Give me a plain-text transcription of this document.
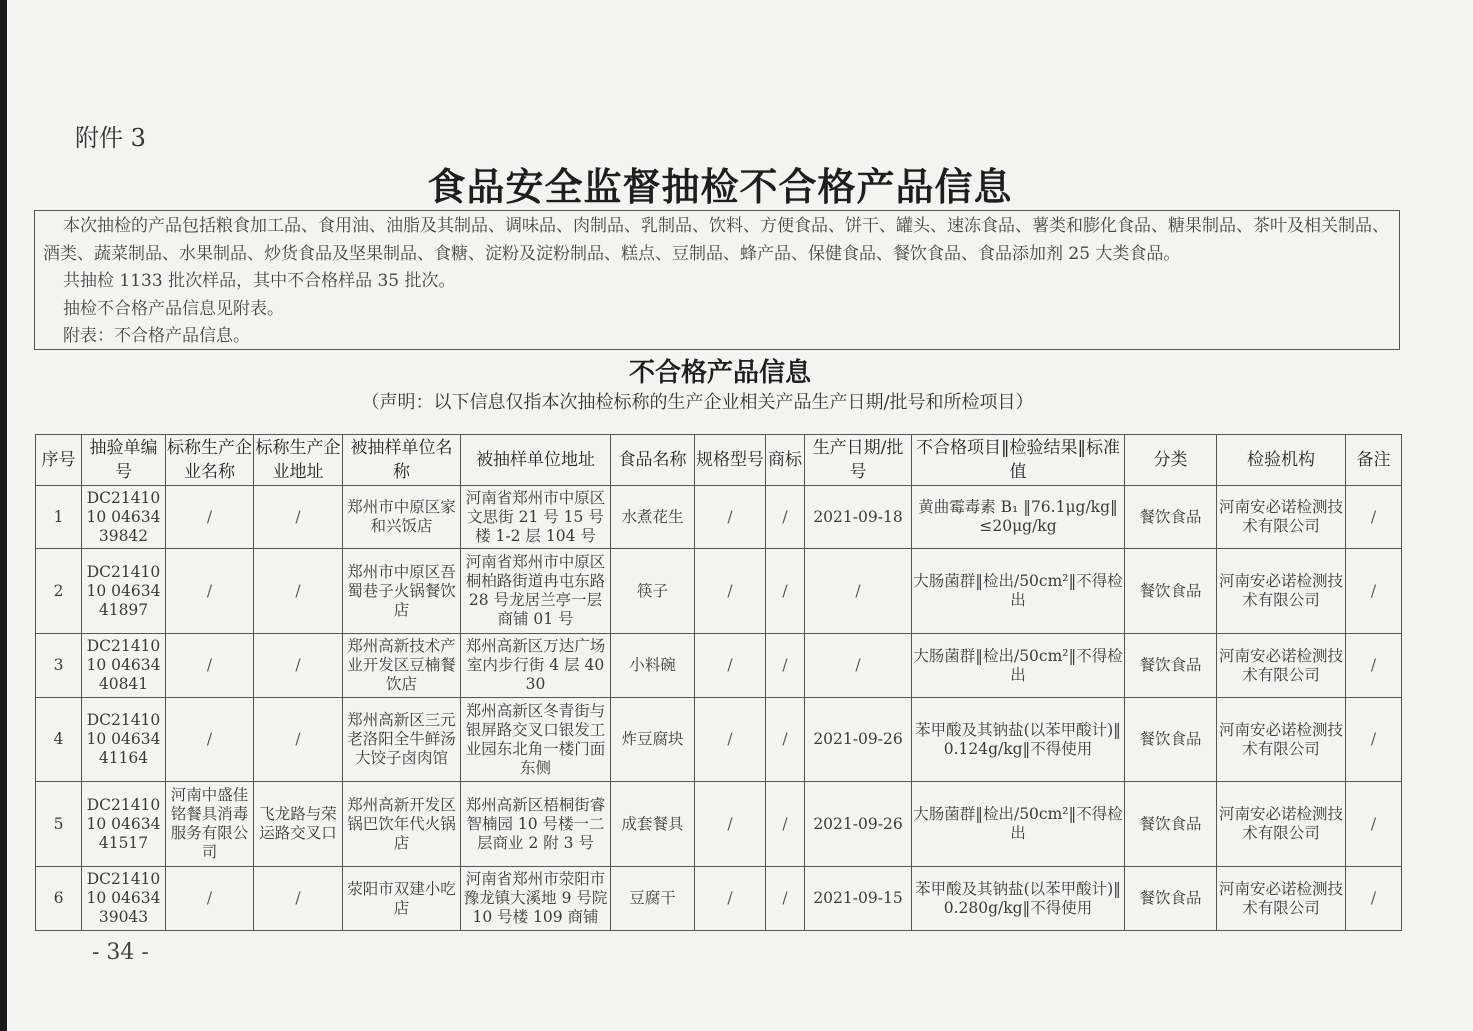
附件 3
食品安全监督抽检不合格产品信息

本次抽检的产品包括粮食加工品、食用油、油脂及其制品、调味品、肉制品、乳制品、饮料、方便食品、饼干、罐头、速冻食品、薯类和膨化食品、糖果制品、茶叶及相关制品、酒类、蔬菜制品、水果制品、炒货食品及坚果制品、食糖、淀粉及淀粉制品、糕点、豆制品、蜂产品、保健食品、餐饮食品、食品添加剂 25 大类食品。

共抽检 1133 批次样品，其中不合格样品 35 批次。

抽检不合格产品信息见附表。

附表：不合格产品信息。

不合格产品信息
（声明：以下信息仅指本次抽检标称的生产企业相关产品生产日期/批号和所检项目）
序号	抽验单编号	标称生产企业名称	标称生产企业地址	被抽样单位名称	被抽样单位地址	食品名称	规格型号	商标	生产日期/批号	不合格项目‖检验结果‖标准值	分类	检验机构	备注
1	DC2141010 0463439842	/	/	郑州市中原区家和兴饭店	河南省郑州市中原区文思街 21 号 15 号楼 1-2 层 104 号	水煮花生	/	/	2021-09-18	黄曲霉毒素 B₁ ‖76.1μg/kg‖≤20μg/kg	餐饮食品	河南安必诺检测技术有限公司	/
2	DC2141010 0463441897	/	/	郑州市中原区吾蜀巷子火锅餐饮店	河南省郑州市中原区桐柏路街道冉屯东路 28 号龙居兰亭一层商铺 01 号	筷子	/	/	/	大肠菌群‖检出/50cm²‖不得检出	餐饮食品	河南安必诺检测技术有限公司	/
3	DC2141010 0463440841	/	/	郑州高新技术产业开发区豆楠餐饮店	郑州高新区万达广场室内步行街 4 层 4030	小料碗	/	/	/	大肠菌群‖检出/50cm²‖不得检出	餐饮食品	河南安必诺检测技术有限公司	/
4	DC2141010 0463441164	/	/	郑州高新区三元老洛阳全牛鲜汤大饺子卤肉馆	郑州高新区冬青街与银屏路交叉口银发工业园东北角一楼门面东侧	炸豆腐块	/	/	2021-09-26	苯甲酸及其钠盐(以苯甲酸计)‖0.124g/kg‖不得使用	餐饮食品	河南安必诺检测技术有限公司	/
5	DC2141010 0463441517	河南中盛佳铭餐具消毒服务有限公司	飞龙路与荣运路交叉口	郑州高新开发区锅巴饮年代火锅店	郑州高新区梧桐街睿智楠园 10 号楼一二层商业 2 附 3 号	成套餐具	/	/	2021-09-26	大肠菌群‖检出/50cm²‖不得检出	餐饮食品	河南安必诺检测技术有限公司	/
6	DC2141010 0463439043	/	/	荥阳市双建小吃店	河南省郑州市荥阳市豫龙镇大溪地 9 号院 10 号楼 109 商铺	豆腐干	/	/	2021-09-15	苯甲酸及其钠盐(以苯甲酸计)‖0.280g/kg‖不得使用	餐饮食品	河南安必诺检测技术有限公司	/
- 34 -
